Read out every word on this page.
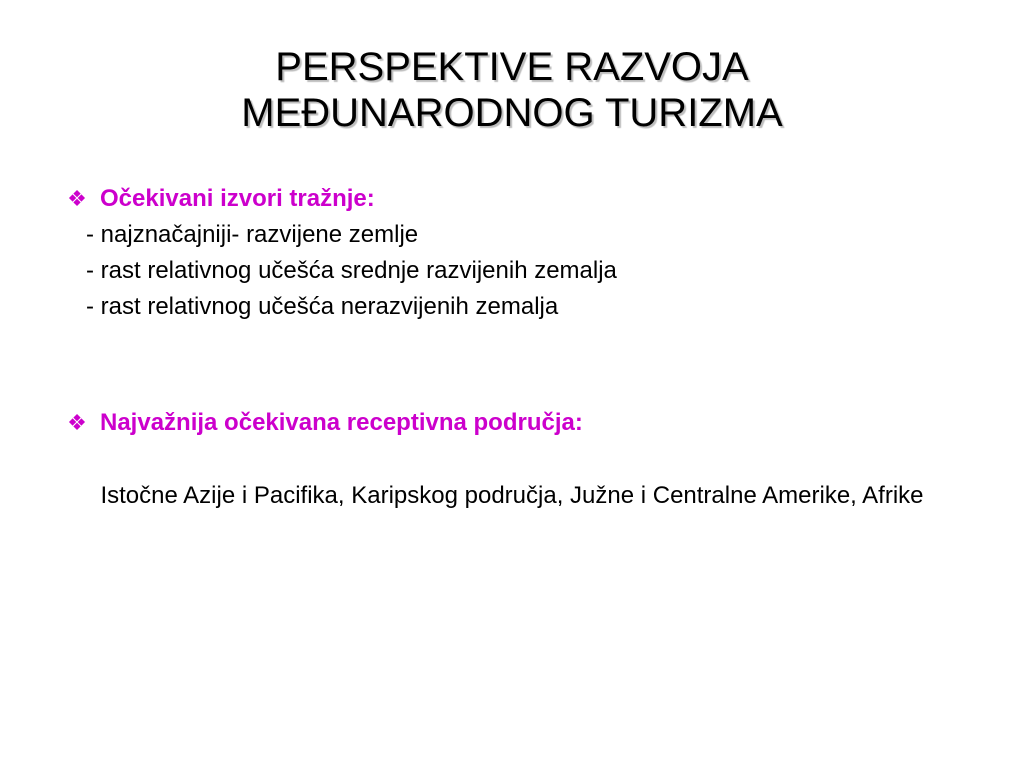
PERSPEKTIVE RAZVOJA
MEĐUNARODNOG TURIZMA
❖ Očekivani izvori tražnje:
- najznačajniji- razvijene zemlje
- rast relativnog učešća srednje razvijenih zemalja
- rast relativnog učešća nerazvijenih zemalja
❖ Najvažnija očekivana receptivna područja:
Istočne Azije i Pacifika, Karipskog područja, Južne i Centralne Amerike, Afrike
